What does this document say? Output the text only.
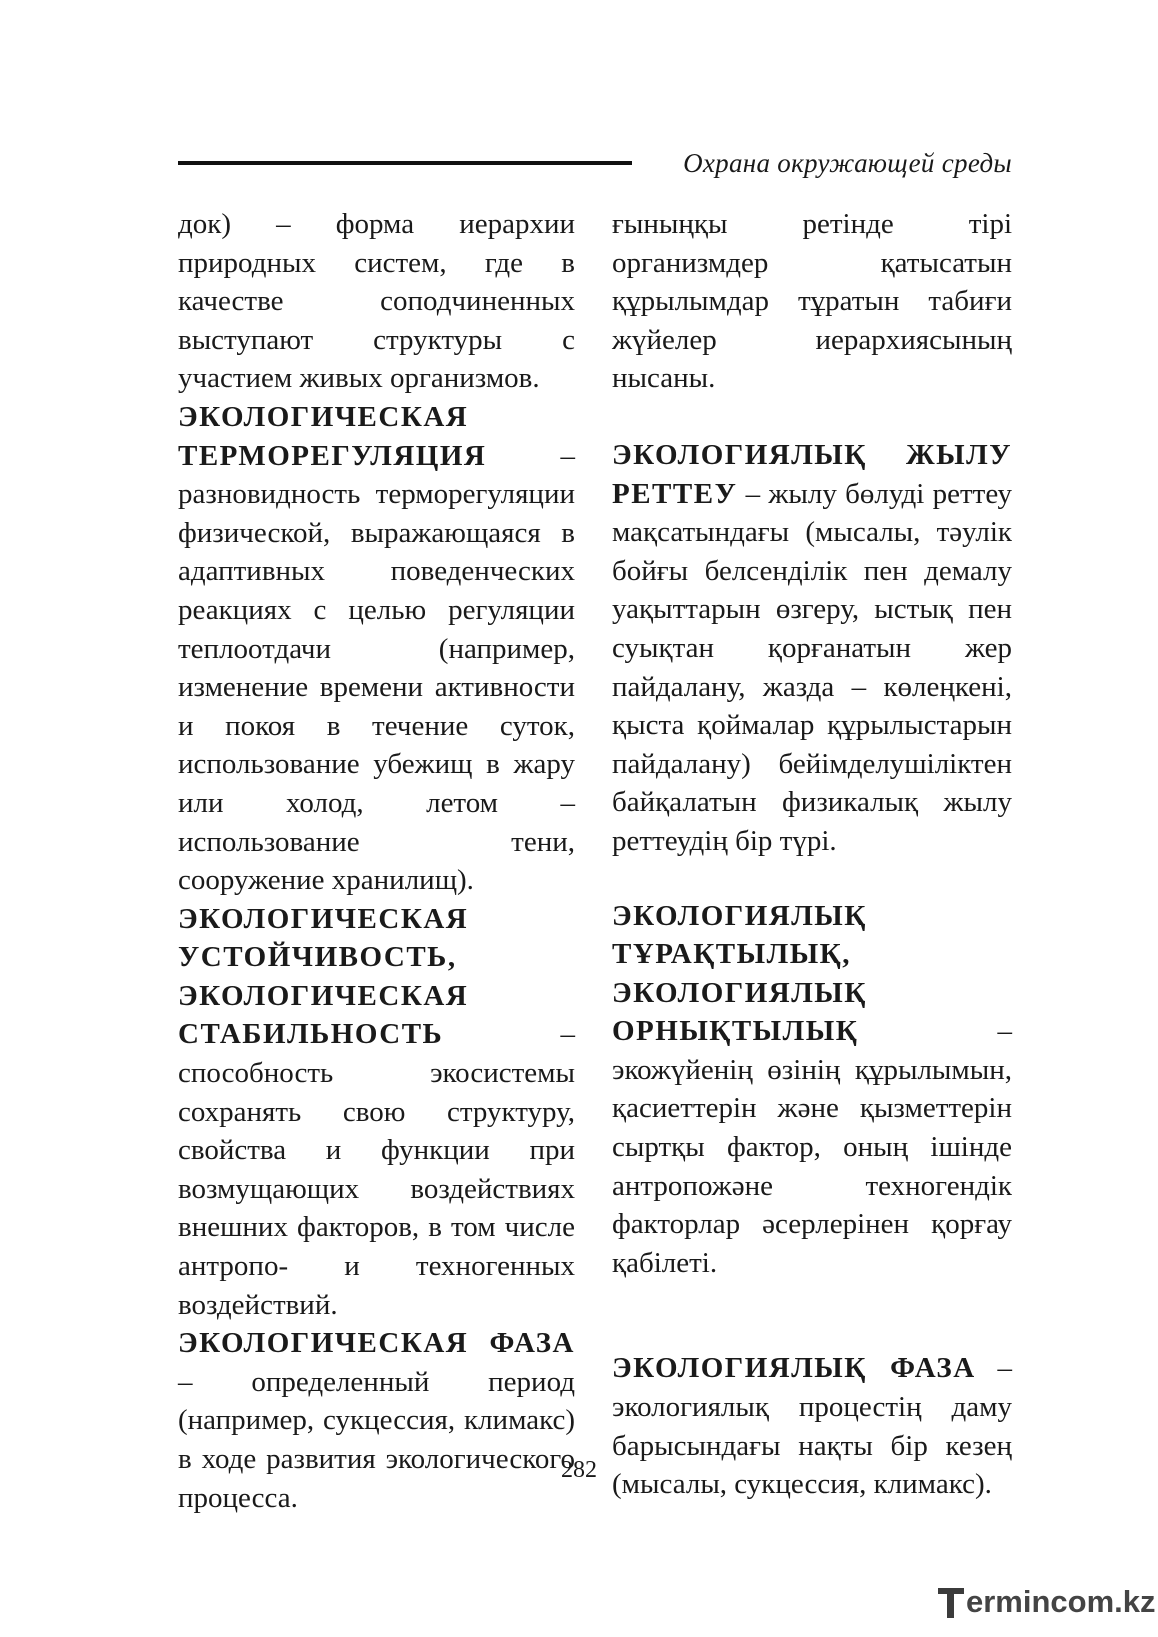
Охрана окружающей среды

док) – форма иерархии природных систем, где в качестве соподчиненных выступают структуры с участием живых организмов.

ЭКОЛОГИЧЕСКАЯ ТЕРМОРЕГУЛЯЦИЯ – разновидность терморегуляции физической, выражающаяся в адаптивных поведенческих реакциях с целью регуляции теплоотдачи (например, изменение времени активности и покоя в течение суток, использование убежищ в жару или холод, летом – использование тени, сооружение хранилищ).

ЭКОЛОГИЧЕСКАЯ УСТОЙЧИВОСТЬ, ЭКОЛОГИЧЕСКАЯ СТАБИЛЬНОСТЬ – способность экосистемы сохранять свою структуру, свойства и функции при возмущающих воздействиях внешних факторов, в том числе антропо- и техногенных воздействий.

ЭКОЛОГИЧЕСКАЯ ФАЗА – определенный период (например, сукцессия, климакс) в ходе развития экологического процесса.

ғыныңқы ретінде тірі организмдер қатысатын құрылымдар тұратын табиғи жүйелер иерархиясының нысаны.

ЭКОЛОГИЯЛЫҚ ЖЫЛУ РЕТТЕУ – жылу бөлуді реттеу мақсатындағы (мысалы, тәулік бойғы белсенділік пен демалу уақыттарын өзгеру, ыстық пен суықтан қорғанатын жер пайдалану, жазда – көлеңкені, қыста қоймалар құрылыстарын пайдалану) бейімделушіліктен байқалатын физикалық жылу реттеудің бір түрі.

ЭКОЛОГИЯЛЫҚ ТҰРАҚТЫЛЫҚ, ЭКОЛОГИЯЛЫҚ ОРНЫҚТЫЛЫҚ – экожүйенің өзінің құрылымын, қасиеттерін және қызметтерін сыртқы фактор, оның ішінде антропожәне техногендік факторлар әсерлерінен қорғау қабілеті.

ЭКОЛОГИЯЛЫҚ ФАЗА – экологиялық процестің даму барысындағы нақты бір кезең (мысалы, сукцессия, климакс).

282
ermincom.kz
